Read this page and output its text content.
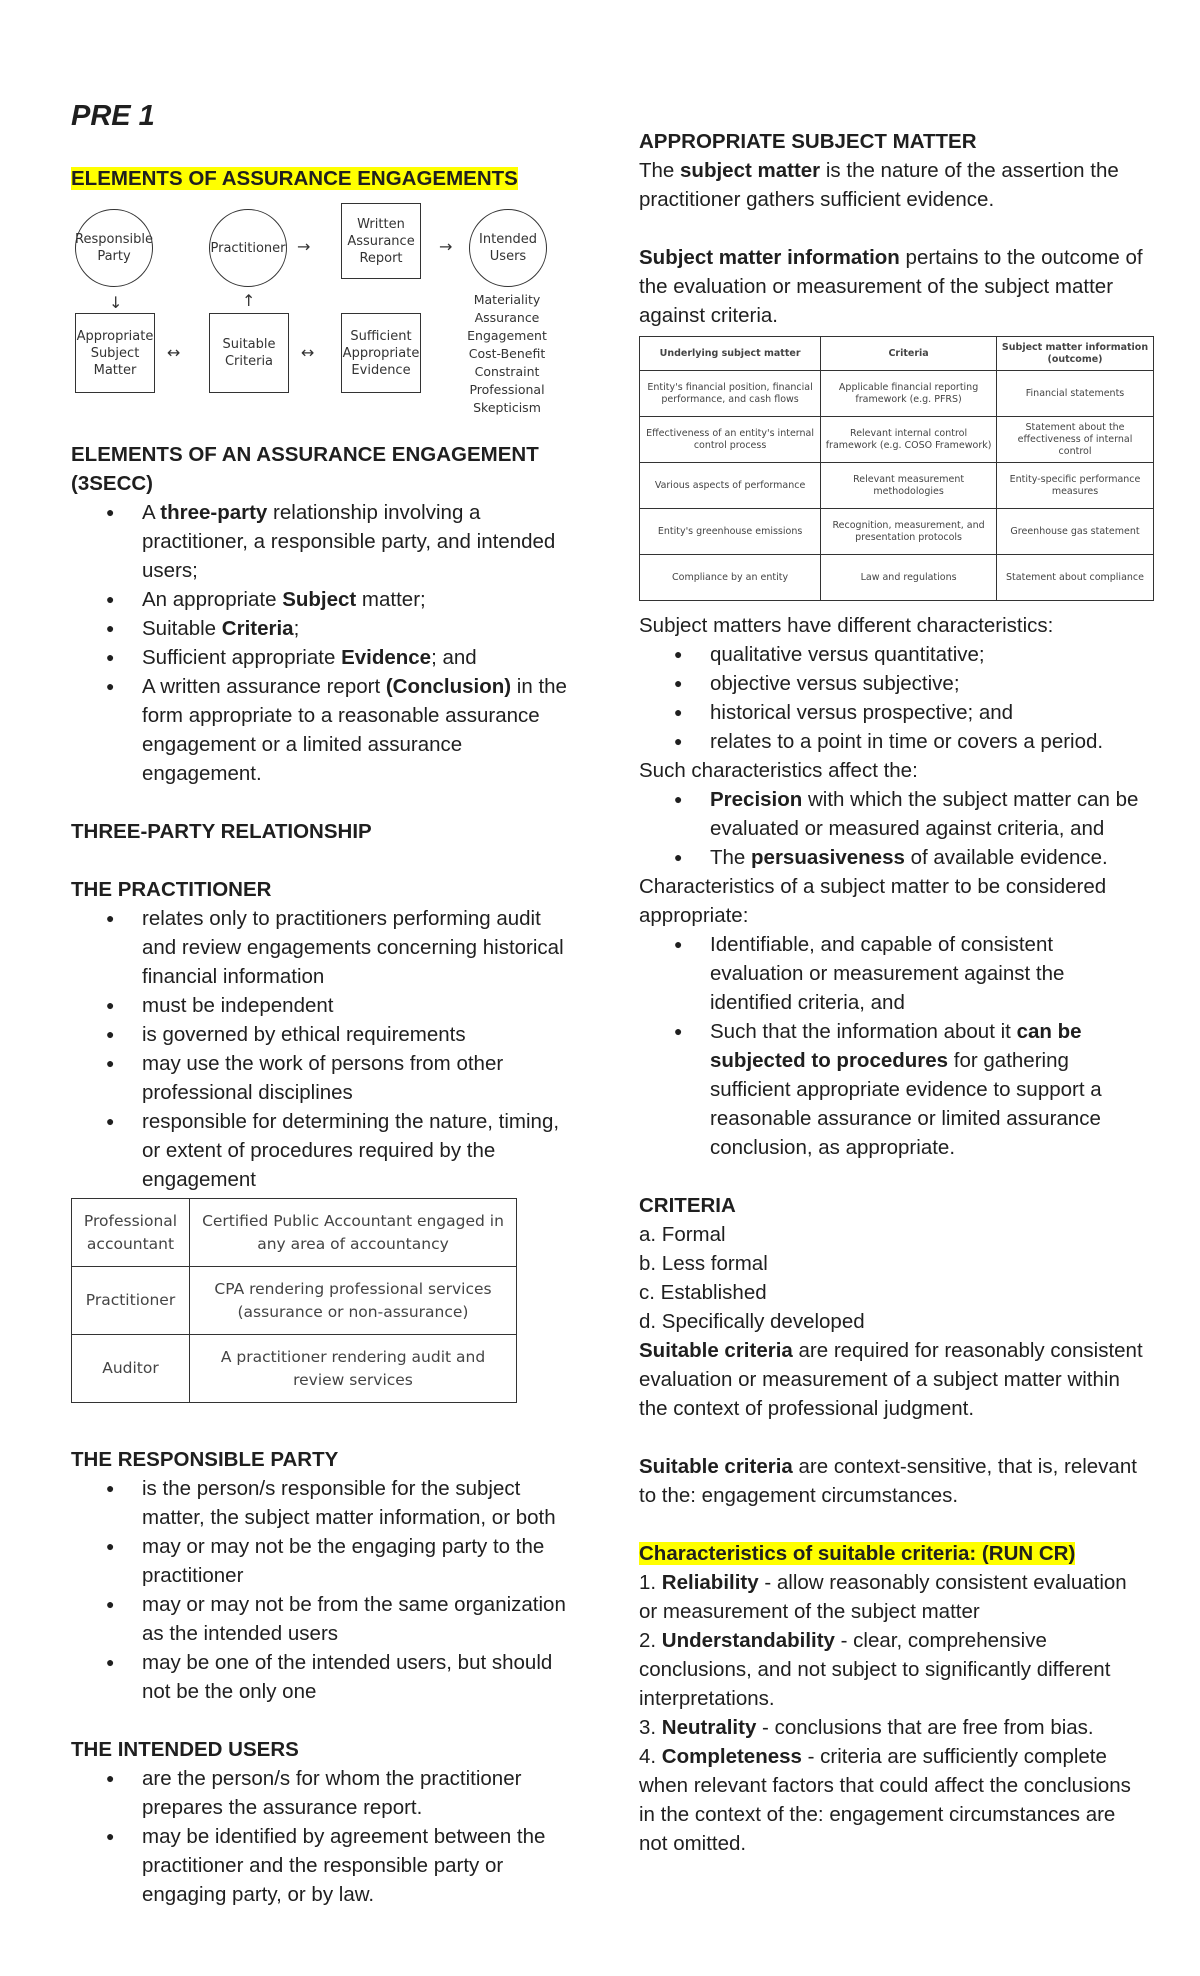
PRE 1
ELEMENTS OF ASSURANCE ENGAGEMENTS
Responsible Party
Practitioner →
Written Assurance Report
→	Intended Users
↓	↑
Appropriate Subject Matter
↔	Suitable Criteria	↔
Sufficient Appropriate Evidence
Materiality
Assurance Engagement
Cost-Benefit Constraint
Professional Skepticism
ELEMENTS OF AN ASSURANCE ENGAGEMENT (3SECC)
● A three-party relationship involving a practitioner, a responsible party, and intended users;
● An appropriate Subject matter;
● Suitable Criteria;
● Sufficient appropriate Evidence; and
● A written assurance report (Conclusion) in the form appropriate to a reasonable assurance engagement or a limited assurance engagement.
THREE-PARTY RELATIONSHIP
THE PRACTITIONER
● relates only to practitioners performing audit and review engagements concerning historical financial information
● must be independent
● is governed by ethical requirements
● may use the work of persons from other professional disciplines
● responsible for determining the nature, timing, or extent of procedures required by the engagement
Professional accountant	Certified Public Accountant engaged in any area of accountancy
Practitioner	CPA rendering professional services (assurance or non-assurance)
Auditor	A practitioner rendering audit and review services
THE RESPONSIBLE PARTY
● is the person/s responsible for the subject matter, the subject matter information, or both
● may or may not be the engaging party to the practitioner
● may or may not be from the same organization as the intended users
● may be one of the intended users, but should not be the only one
THE INTENDED USERS
● are the person/s for whom the practitioner prepares the assurance report.
● may be identified by agreement between the practitioner and the responsible party or engaging party, or by law.
APPROPRIATE SUBJECT MATTER

The subject matter is the nature of the assertion the practitioner gathers sufficient evidence.

Subject matter information pertains to the outcome of the evaluation or measurement of the subject matter against criteria.

Underlying subject matter	Criteria	Subject matter information (outcome)
Entity's financial position, financial performance, and cash flows	Applicable financial reporting framework (e.g. PFRS)	Financial statements
Effectiveness of an entity's internal control process	Relevant internal control framework (e.g. COSO Framework)	Statement about the effectiveness of internal control
Various aspects of performance	Relevant measurement methodologies	Entity-specific performance measures
Entity's greenhouse emissions	Recognition, measurement, and presentation protocols	Greenhouse gas statement
Compliance by an entity	Law and regulations	Statement about compliance

Subject matters have different characteristics:

● qualitative versus quantitative;
● objective versus subjective;
● historical versus prospective; and
● relates to a point in time or covers a period.

Such characteristics affect the:

● Precision with which the subject matter can be evaluated or measured against criteria, and
● The persuasiveness of available evidence.

Characteristics of a subject matter to be considered appropriate:

● Identifiable, and capable of consistent evaluation or measurement against the identified criteria, and
● Such that the information about it can be subjected to procedures for gathering sufficient appropriate evidence to support a reasonable assurance or limited assurance conclusion, as appropriate.
CRITERIA
a. Formal
b. Less formal
c. Established
d. Specifically developed

Suitable criteria are required for reasonably consistent evaluation or measurement of a subject matter within the context of professional judgment.

Suitable criteria are context-sensitive, that is, relevant to the: engagement circumstances.

Characteristics of suitable criteria: (RUN CR)
1. Reliability - allow reasonably consistent evaluation or measurement of the subject matter
2. Understandability - clear, comprehensive conclusions, and not subject to significantly different interpretations.
3. Neutrality - conclusions that are free from bias.
4. Completeness - criteria are sufficiently complete when relevant factors that could affect the conclusions in the context of the: engagement circumstances are not omitted.
